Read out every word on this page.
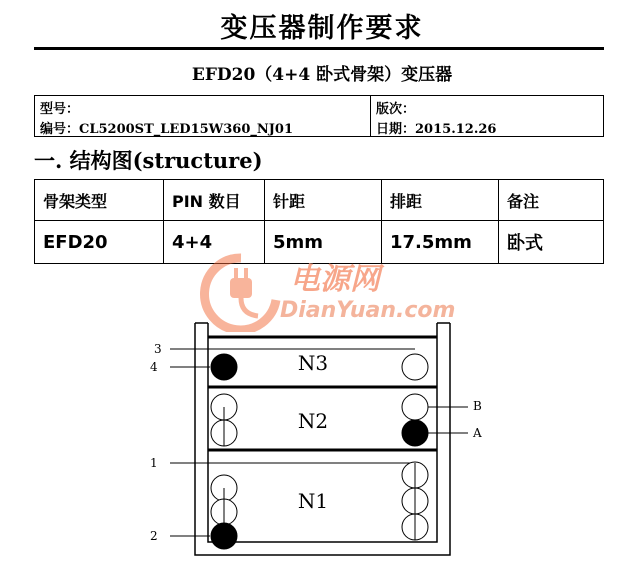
变压器制作要求
EFD20（4+4 卧式骨架）变压器
型号：
编号：CL5200ST_LED15W360_NJ01
版次：
日期：2015.12.26
一. 结构图(structure)
骨架类型	PIN 数目	针距	排距	备注
EFD20	4+4	5mm	17.5mm	卧式
电源网
DianYuan.com
N3
3
4
N2
B
A
N1
1
2
